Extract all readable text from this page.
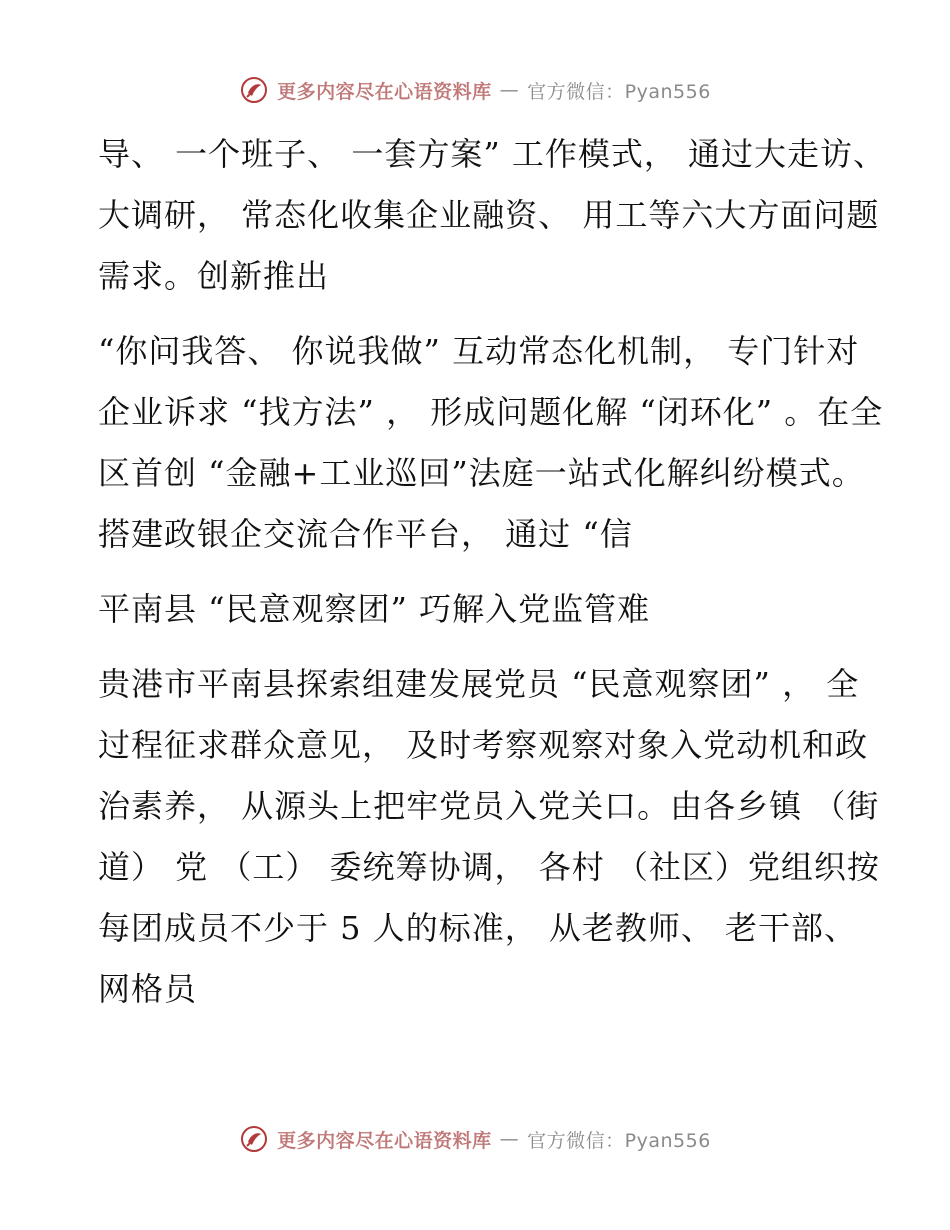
更多内容尽在心语资料库 — 官方微信：Pyan556

导、 一个班子、 一套方案” 工作模式， 通过大走访、 大调研， 常态化收集企业融资、 用工等六大方面问题需求。创新推出

“你问我答、 你说我做” 互动常态化机制， 专门针对企业诉求 “找方法” ， 形成问题化解 “闭环化” 。在全区首创 “金融+工业巡回”法庭一站式化解纠纷模式。搭建政银企交流合作平台， 通过 “信

平南县 “民意观察团” 巧解入党监管难

贵港市平南县探索组建发展党员 “民意观察团” ， 全过程征求群众意见， 及时考察观察对象入党动机和政治素养， 从源头上把牢党员入党关口。由各乡镇 （街道） 党 （工） 委统筹协调， 各村 （社区）党组织按每团成员不少于 5 人的标准， 从老教师、 老干部、 网格员

更多内容尽在心语资料库 — 官方微信：Pyan556
